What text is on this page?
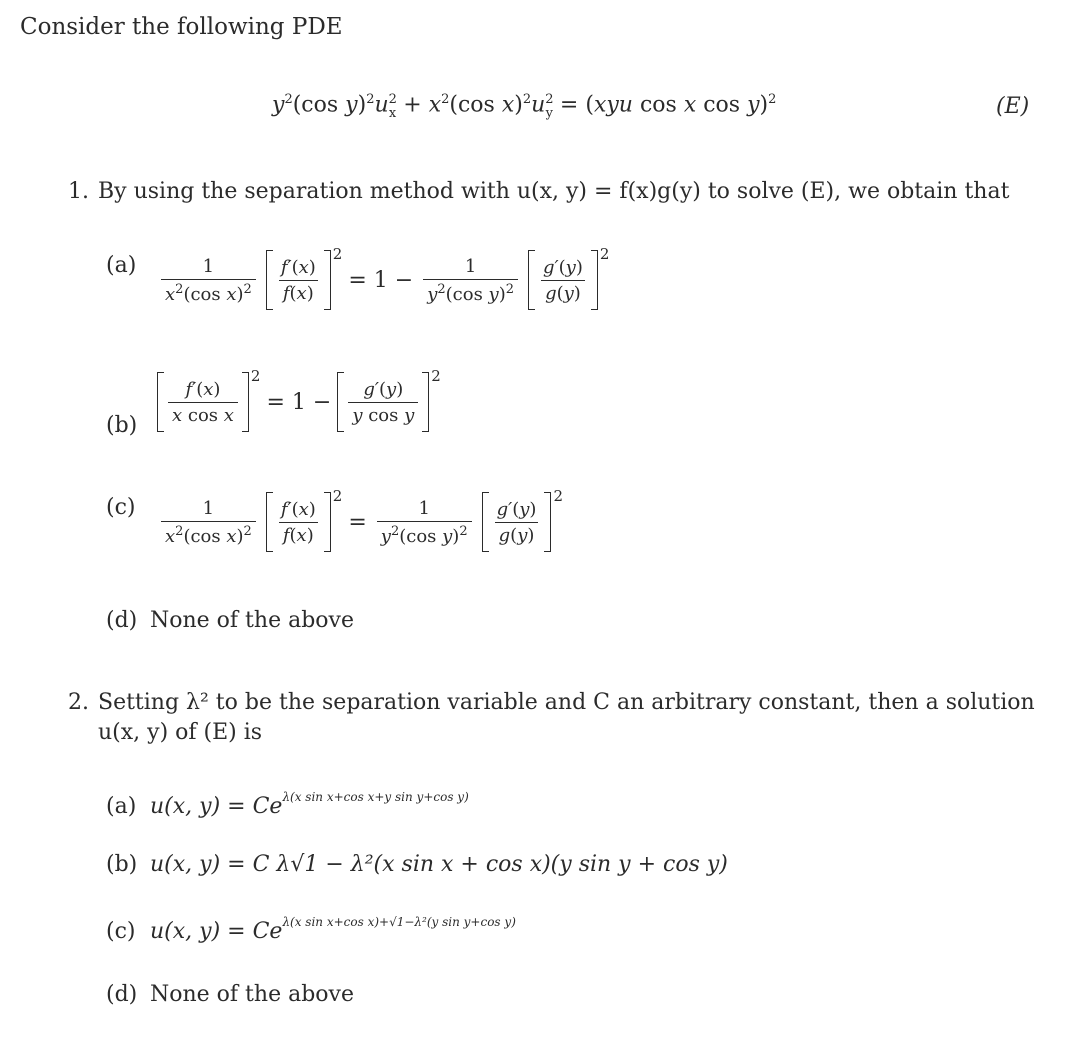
Consider the following PDE
$y^2(\cos$ $y)^2u^2_x + x^2(\cos$ $x)^2u^2_y = (xyu$ cos x cos y)$^2$	(E)
1. By using the separation method with u(x, y) = f(x)g(y) to solve (E), we obtain that
$(a) \frac{1}{x^2(\cos x)^2} \frac{f'(x)}{f(x)}$
2
= $1 - \frac{1}{y^2(\cos y)^2} \frac{g'(y)}{g(y)}$
2
$(b) \frac{f'(x)}{\text{x cos x}}$
2
= $1 - \frac{g'(y)}{\text{y cos y}}$
2
$(c) \frac{1}{x^2(\cos x)^2} \frac{f'(x)}{f(x)}$
2
= $\frac{1}{y^2(\cos y)^2} \frac{g'(y)}{g(y)}$
2
(d) None of the above
2. Setting λ² to be the separation variable and C an arbitrary constant, then a solution
u(x, y) of (E) is
(a) u(x, $y) = Ce^{\lambda(x sin x+cos x+y sin y+cos y)}$
(b) u(x, y) = C λ√1 − λ²(x sin x + cos x)(y sin y + cos y)
(c) u(x, $y) = Ce^{\lambda(x sin x+cos x)+√1-\lambda^2(y sin y+cos y)}$
(d) None of the above
